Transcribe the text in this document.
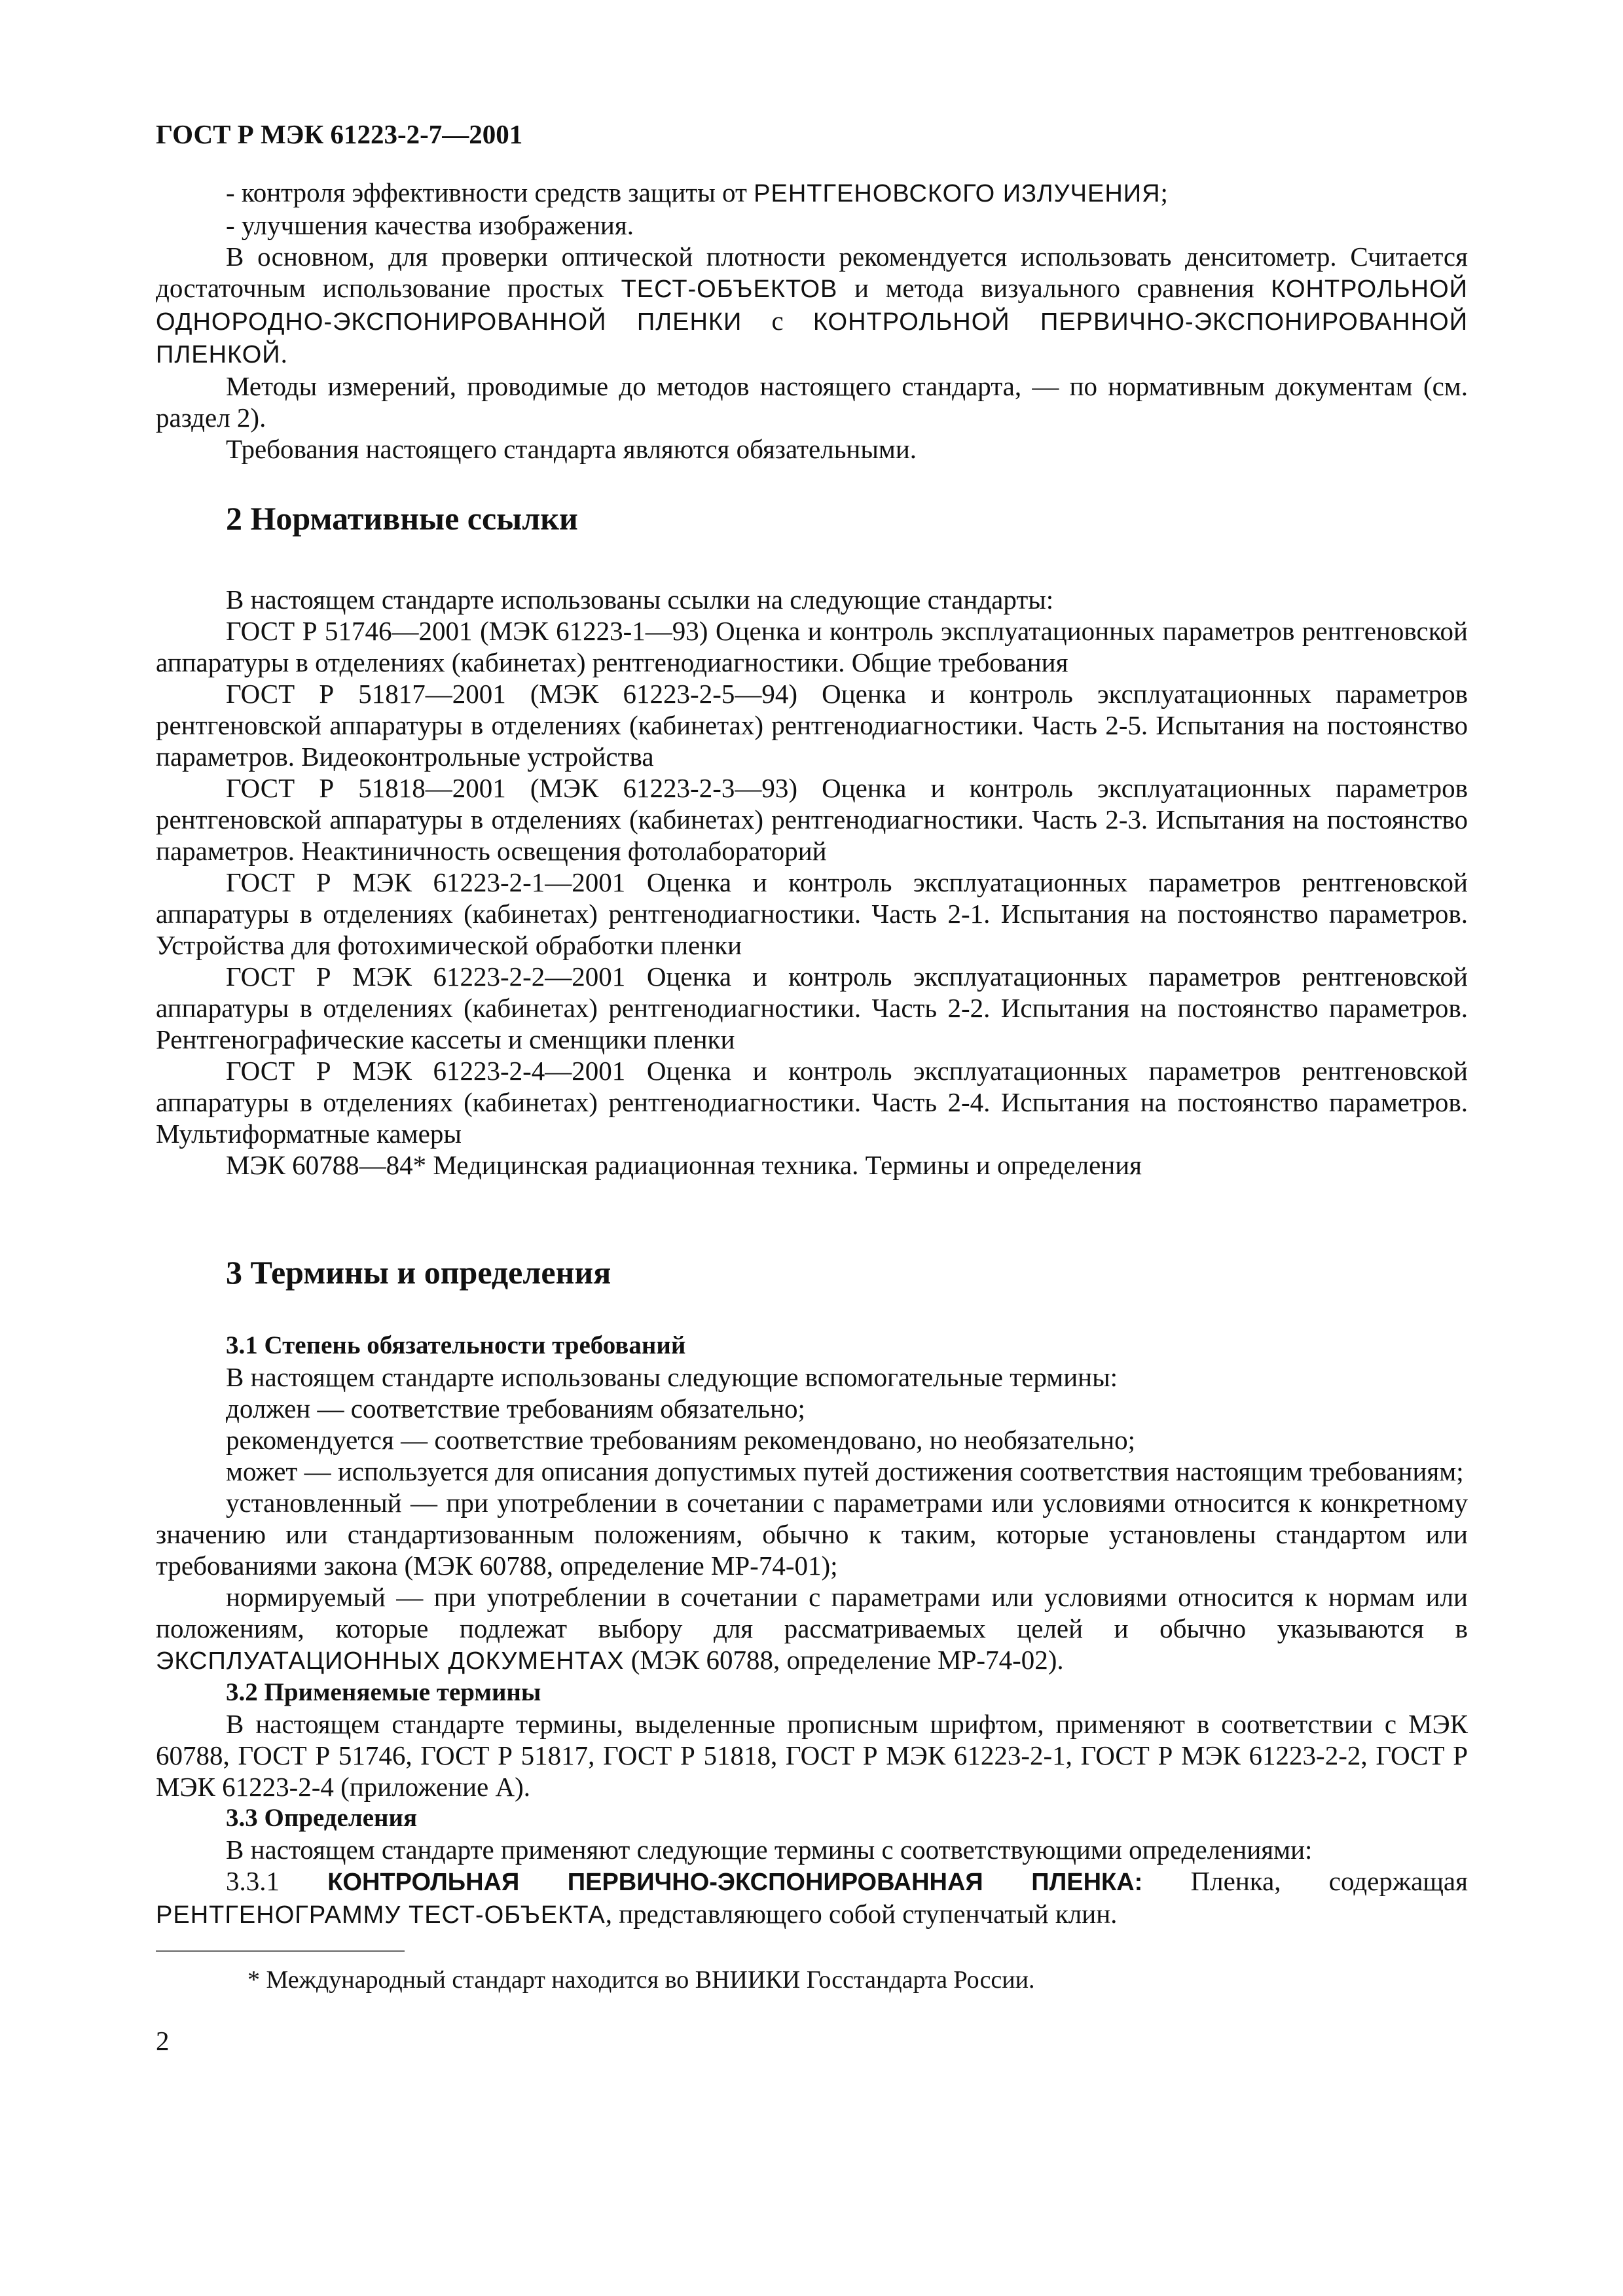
ГОСТ Р МЭК 61223-2-7—2001

- контроля эффективности средств защиты от РЕНТГЕНОВСКОГО ИЗЛУЧЕНИЯ;

- улучшения качества изображения.

В основном, для проверки оптической плотности рекомендуется использовать денситометр. Считается достаточным использование простых ТЕСТ-ОБЪЕКТОВ и метода визуального сравнения КОНТРОЛЬНОЙ ОДНОРОДНО-ЭКСПОНИРОВАННОЙ ПЛЕНКИ с КОНТРОЛЬНОЙ ПЕРВИЧНО-ЭКСПОНИРОВАННОЙ ПЛЕНКОЙ.

Методы измерений, проводимые до методов настоящего стандарта, — по нормативным документам (см. раздел 2).

Требования настоящего стандарта являются обязательными.

2 Нормативные ссылки

В настоящем стандарте использованы ссылки на следующие стандарты:

ГОСТ Р 51746—2001 (МЭК 61223-1—93) Оценка и контроль эксплуатационных параметров рентгеновской аппаратуры в отделениях (кабинетах) рентгенодиагностики. Общие требования

ГОСТ Р 51817—2001 (МЭК 61223-2-5—94) Оценка и контроль эксплуатационных параметров рентгеновской аппаратуры в отделениях (кабинетах) рентгенодиагностики. Часть 2-5. Испытания на постоянство параметров. Видеоконтрольные устройства

ГОСТ Р 51818—2001 (МЭК 61223-2-3—93) Оценка и контроль эксплуатационных параметров рентгеновской аппаратуры в отделениях (кабинетах) рентгенодиагностики. Часть 2-3. Испытания на постоянство параметров. Неактиничность освещения фотолабораторий

ГОСТ Р МЭК 61223-2-1—2001 Оценка и контроль эксплуатационных параметров рентгеновской аппаратуры в отделениях (кабинетах) рентгенодиагностики. Часть 2-1. Испытания на постоянство параметров. Устройства для фотохимической обработки пленки

ГОСТ Р МЭК 61223-2-2—2001 Оценка и контроль эксплуатационных параметров рентгеновской аппаратуры в отделениях (кабинетах) рентгенодиагностики. Часть 2-2. Испытания на постоянство параметров. Рентгенографические кассеты и сменщики пленки

ГОСТ Р МЭК 61223-2-4—2001 Оценка и контроль эксплуатационных параметров рентгеновской аппаратуры в отделениях (кабинетах) рентгенодиагностики. Часть 2-4. Испытания на постоянство параметров. Мультиформатные камеры

МЭК 60788—84* Медицинская радиационная техника. Термины и определения

3 Термины и определения
3.1 Степень обязательности требований

В настоящем стандарте использованы следующие вспомогательные термины:

должен — соответствие требованиям обязательно;

рекомендуется — соответствие требованиям рекомендовано, но необязательно;

может — используется для описания допустимых путей достижения соответствия настоящим требованиям;

установленный — при употреблении в сочетании с параметрами или условиями относится к конкретному значению или стандартизованным положениям, обычно к таким, которые установлены стандартом или требованиями закона (МЭК 60788, определение МР-74-01);

нормируемый — при употреблении в сочетании с параметрами или условиями относится к нормам или положениям, которые подлежат выбору для рассматриваемых целей и обычно указываются в ЭКСПЛУАТАЦИОННЫХ ДОКУМЕНТАХ (МЭК 60788, определение МР-74-02).

3.2 Применяемые термины

В настоящем стандарте термины, выделенные прописным шрифтом, применяют в соответствии с МЭК 60788, ГОСТ Р 51746, ГОСТ Р 51817, ГОСТ Р 51818, ГОСТ Р МЭК 61223-2-1, ГОСТ Р МЭК 61223-2-2, ГОСТ Р МЭК 61223-2-4 (приложение А).

3.3 Определения

В настоящем стандарте применяют следующие термины с соответствующими определениями:

3.3.1 КОНТРОЛЬНАЯ ПЕРВИЧНО-ЭКСПОНИРОВАННАЯ ПЛЕНКА: Пленка, содержащая РЕНТГЕНОГРАММУ ТЕСТ-ОБЪЕКТА, представляющего собой ступенчатый клин.

* Международный стандарт находится во ВНИИКИ Госстандарта России.

2
